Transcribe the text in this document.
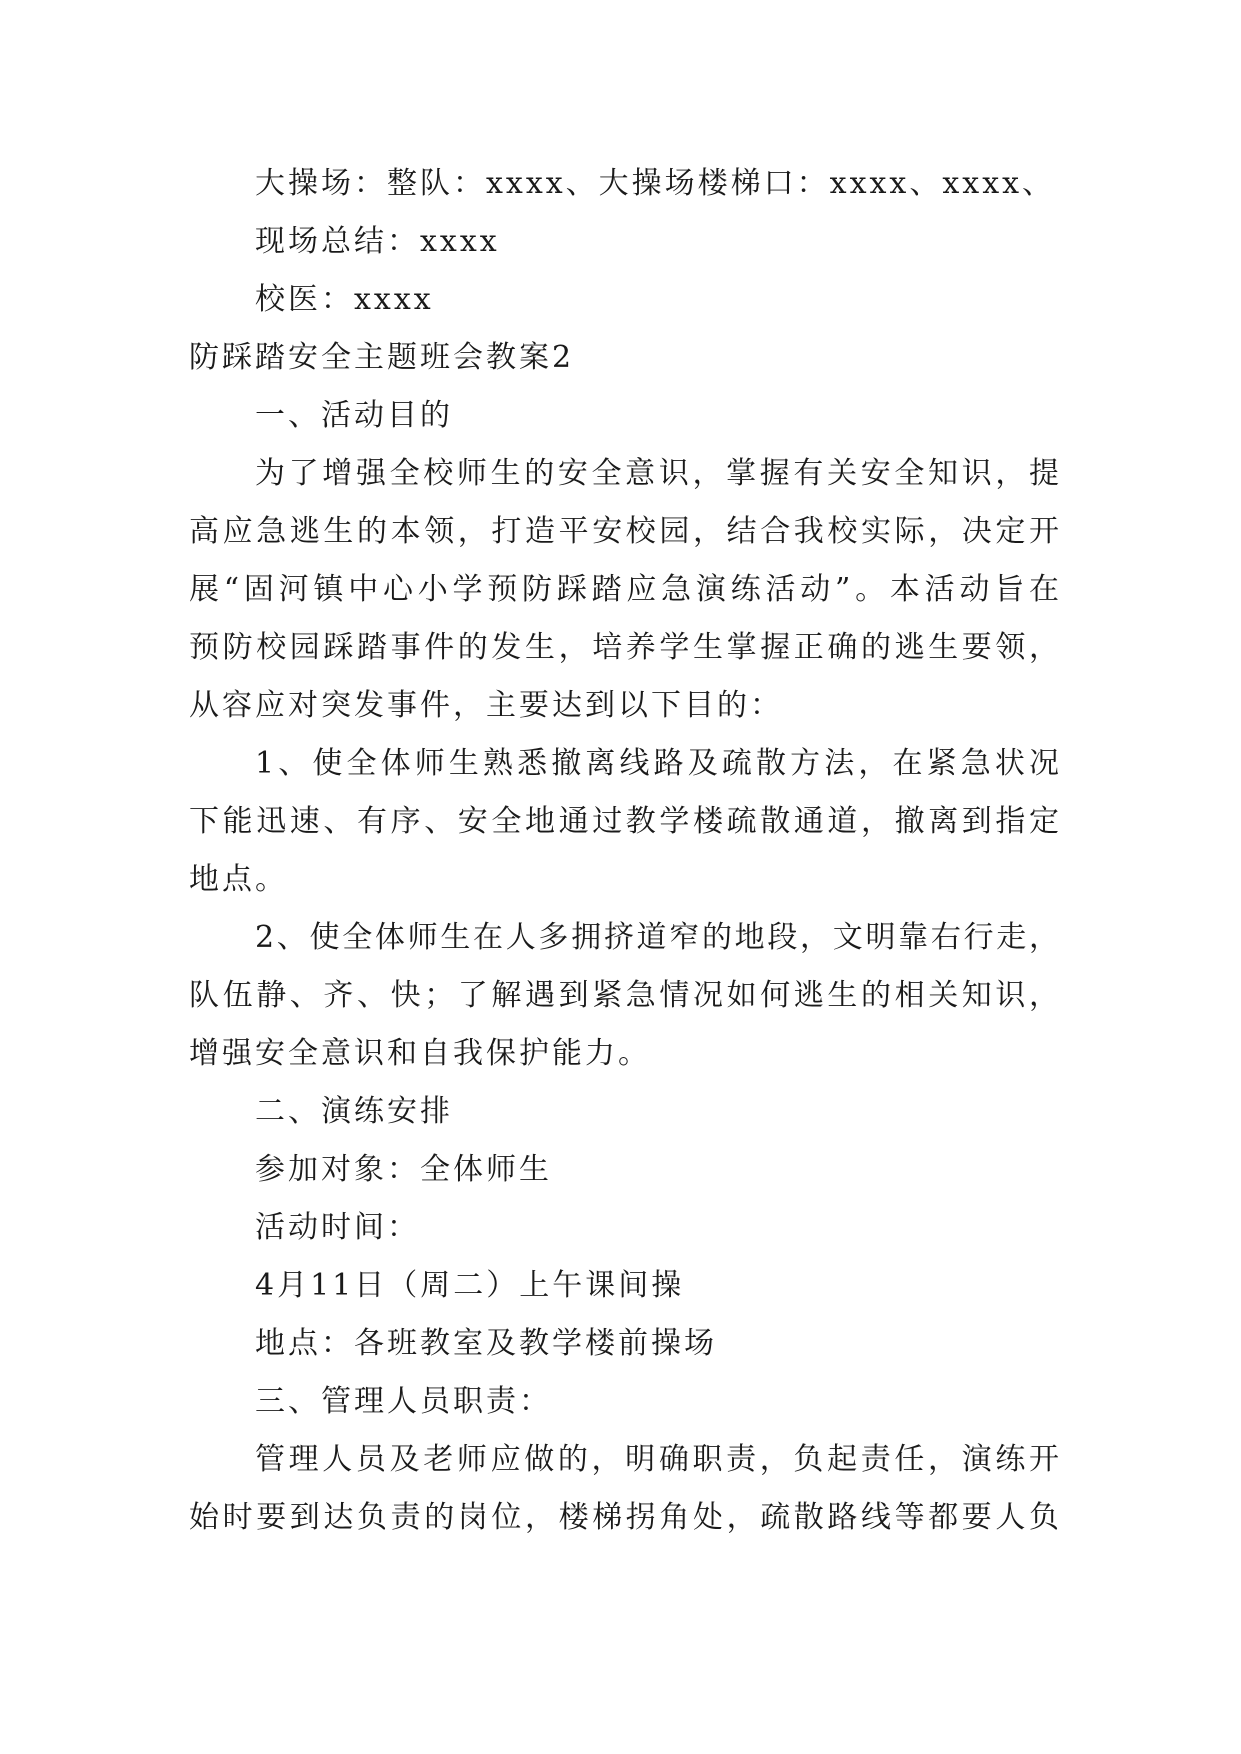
大操场：整队：xxxx、大操场楼梯口：xxxx、xxxx、
现场总结：xxxx
校医：xxxx
防踩踏安全主题班会教案2
一、活动目的
为了增强全校师生的安全意识，掌握有关安全知识，提
高应急逃生的本领，打造平安校园，结合我校实际，决定开
展“固河镇中心小学预防踩踏应急演练活动”。本活动旨在
预防校园踩踏事件的发生，培养学生掌握正确的逃生要领，
从容应对突发事件，主要达到以下目的：
1、使全体师生熟悉撤离线路及疏散方法，在紧急状况
下能迅速、有序、安全地通过教学楼疏散通道，撤离到指定
地点。
2、使全体师生在人多拥挤道窄的地段，文明靠右行走，
队伍静、齐、快；了解遇到紧急情况如何逃生的相关知识，
增强安全意识和自我保护能力。
二、演练安排
参加对象：全体师生
活动时间：
4月11日（周二）上午课间操
地点：各班教室及教学楼前操场
三、管理人员职责：
管理人员及老师应做的，明确职责，负起责任，演练开
始时要到达负责的岗位，楼梯拐角处，疏散路线等都要人负
